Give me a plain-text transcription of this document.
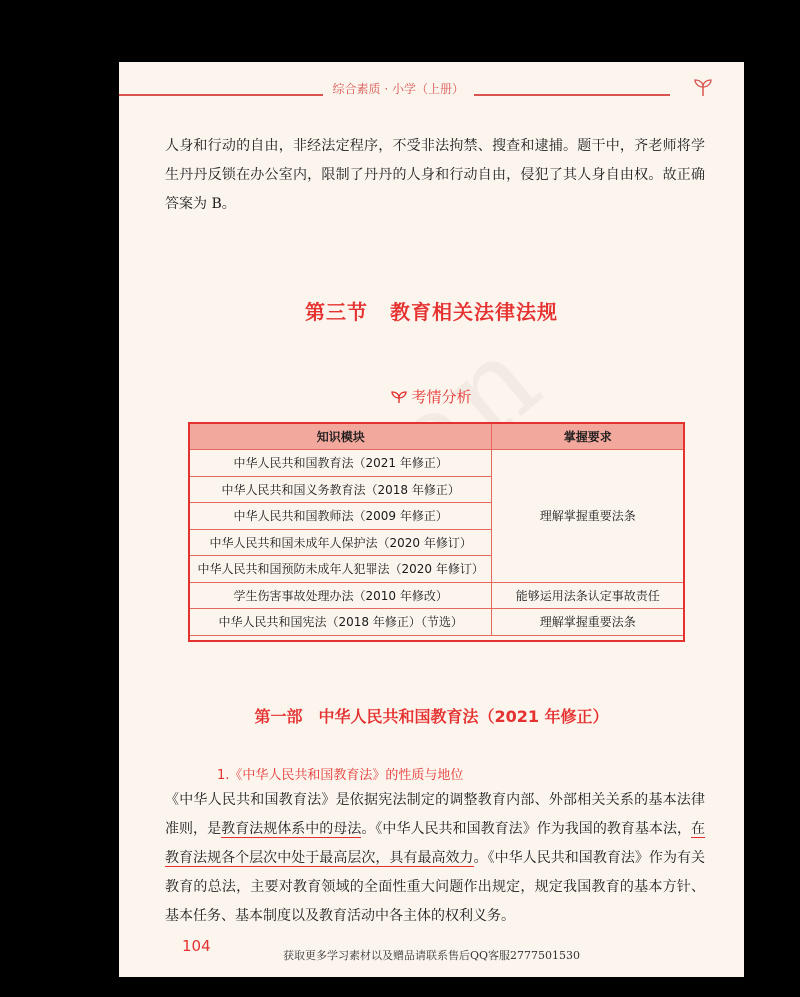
综合素质 · 小学（上册）

人身和行动的自由，非经法定程序，不受非法拘禁、搜查和逮捕。题干中，齐老师将学生丹丹反锁在办公室内，限制了丹丹的人身和行动自由，侵犯了其人身自由权。故正确答案为 B。

第三节 教育相关法律法规
考情分析
知识模块	掌握要求
中华人民共和国教育法（2021 年修正）	理解掌握重要法条
中华人民共和国义务教育法（2018 年修正）	
中华人民共和国教师法（2009 年修正）	
中华人民共和国未成年人保护法（2020 年修订）	
中华人民共和国预防未成年人犯罪法（2020 年修订）	
学生伤害事故处理办法（2010 年修改）	能够运用法条认定事故责任
中华人民共和国宪法（2018 年修正）（节选）	理解掌握重要法条
第一部 中华人民共和国教育法（2021 年修正）
1.《中华人民共和国教育法》的性质与地位

《中华人民共和国教育法》是依据宪法制定的调整教育内部、外部相关关系的基本法律准则，是教育法规体系中的母法。《中华人民共和国教育法》作为我国的教育基本法，在教育法规各个层次中处于最高层次，具有最高效力。《中华人民共和国教育法》作为有关教育的总法，主要对教育领域的全面性重大问题作出规定，规定我国教育的基本方针、基本任务、基本制度以及教育活动中各主体的权利义务。

104
获取更多学习素材以及赠品请联系售后QQ客服2777501530
